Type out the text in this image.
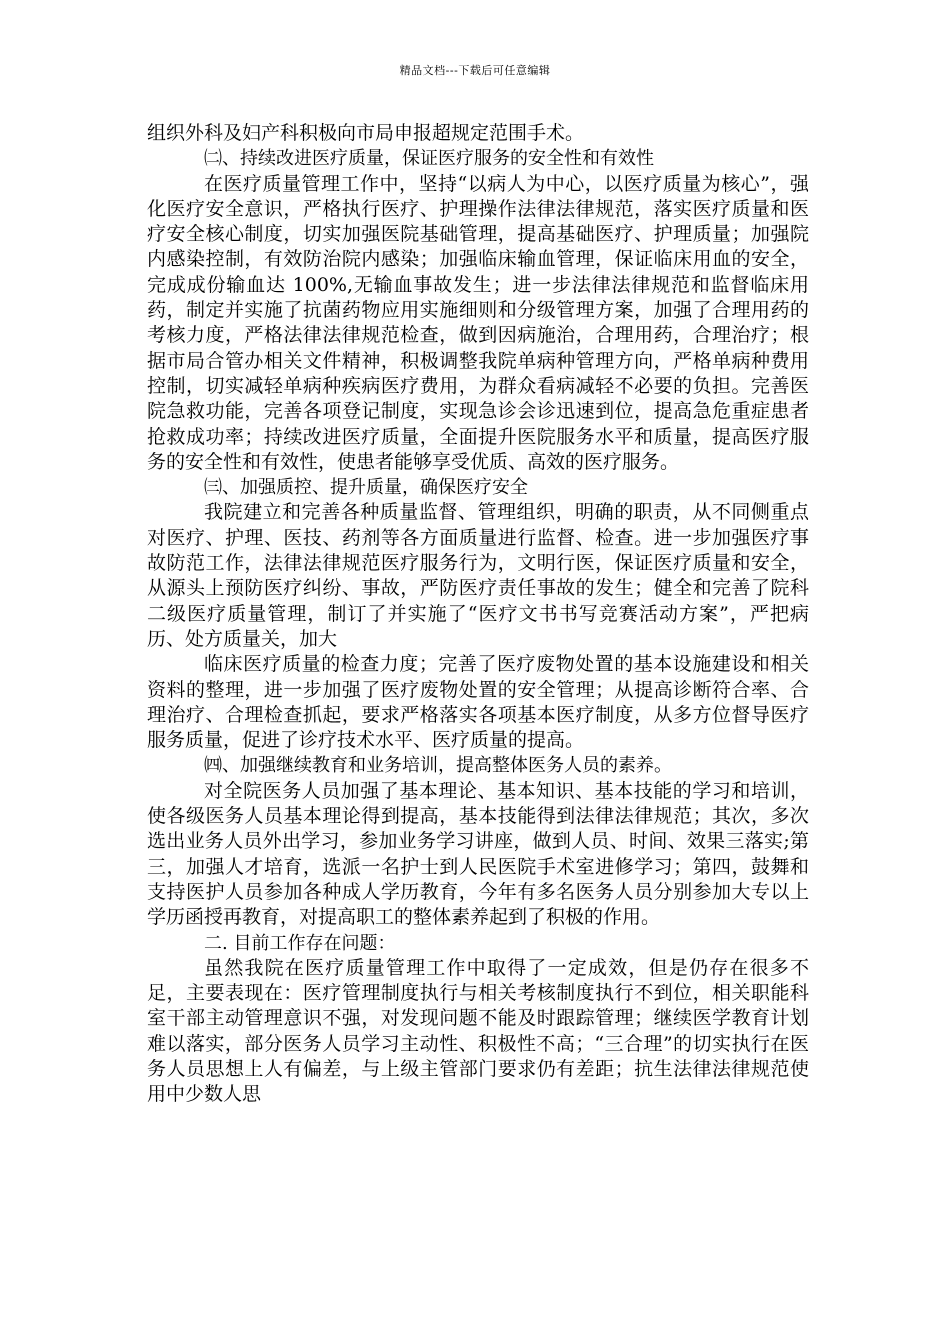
精品文档---下载后可任意编辑

组织外科及妇产科积极向市局申报超规定范围手术。

㈡、持续改进医疗质量，保证医疗服务的安全性和有效性

在医疗质量管理工作中，坚持“以病人为中心，以医疗质量为核心”，强化医疗安全意识，严格执行医疗、护理操作法律法律规范，落实医疗质量和医疗安全核心制度，切实加强医院基础管理，提高基础医疗、护理质量；加强院内感染控制，有效防治院内感染；加强临床输血管理，保证临床用血的安全，完成成份输血达 100%,无输血事故发生；进一步法律法律规范和监督临床用药，制定并实施了抗菌药物应用实施细则和分级管理方案，加强了合理用药的考核力度，严格法律法律规范检查，做到因病施治，合理用药，合理治疗；根据市局合管办相关文件精神，积极调整我院单病种管理方向，严格单病种费用控制，切实减轻单病种疾病医疗费用，为群众看病减轻不必要的负担。完善医院急救功能，完善各项登记制度，实现急诊会诊迅速到位，提高急危重症患者抢救成功率；持续改进医疗质量，全面提升医院服务水平和质量，提高医疗服务的安全性和有效性，使患者能够享受优质、高效的医疗服务。

㈢、加强质控、提升质量，确保医疗安全

我院建立和完善各种质量监督、管理组织，明确的职责，从不同侧重点对医疗、护理、医技、药剂等各方面质量进行监督、检查。进一步加强医疗事故防范工作，法律法律规范医疗服务行为，文明行医，保证医疗质量和安全，从源头上预防医疗纠纷、事故，严防医疗责任事故的发生；健全和完善了院科二级医疗质量管理，制订了并实施了“医疗文书书写竞赛活动方案”，严把病历、处方质量关，加大

临床医疗质量的检查力度；完善了医疗废物处置的基本设施建设和相关资料的整理，进一步加强了医疗废物处置的安全管理；从提高诊断符合率、合理治疗、合理检查抓起，要求严格落实各项基本医疗制度，从多方位督导医疗服务质量，促进了诊疗技术水平、医疗质量的提高。

㈣、加强继续教育和业务培训，提高整体医务人员的素养。

对全院医务人员加强了基本理论、基本知识、基本技能的学习和培训，使各级医务人员基本理论得到提高，基本技能得到法律法律规范；其次，多次选出业务人员外出学习，参加业务学习讲座，做到人员、时间、效果三落实;第三，加强人才培育，选派一名护士到人民医院手术室进修学习；第四，鼓舞和支持医护人员参加各种成人学历教育，今年有多名医务人员分别参加大专以上学历函授再教育，对提高职工的整体素养起到了积极的作用。

二. 目前工作存在问题：

虽然我院在医疗质量管理工作中取得了一定成效，但是仍存在很多不足，主要表现在：医疗管理制度执行与相关考核制度执行不到位，相关职能科室干部主动管理意识不强，对发现问题不能及时跟踪管理；继续医学教育计划难以落实，部分医务人员学习主动性、积极性不高；“三合理”的切实执行在医务人员思想上人有偏差，与上级主管部门要求仍有差距；抗生法律法律规范使用中少数人思
